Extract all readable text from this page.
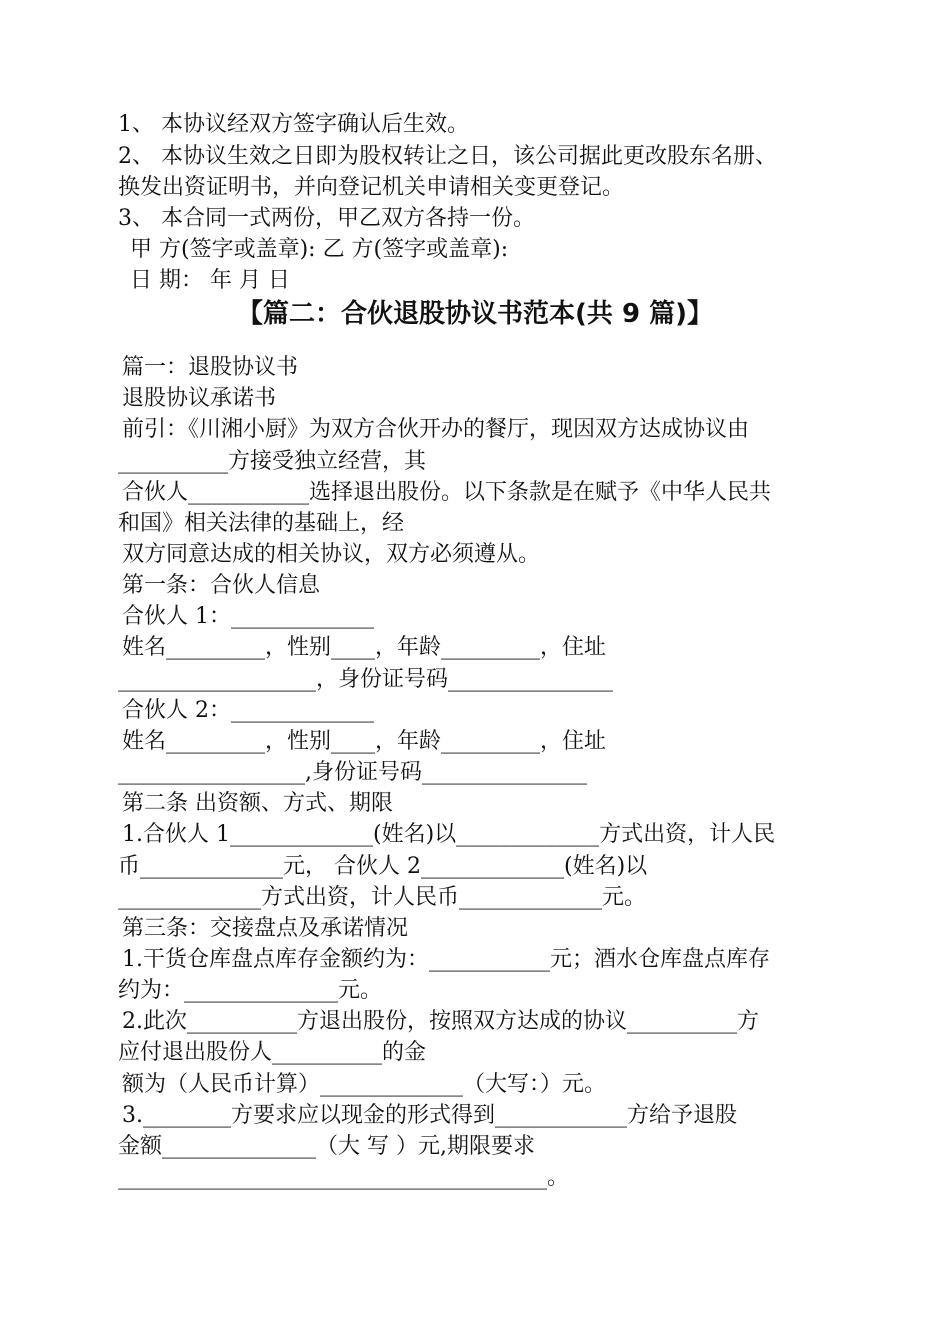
1、 本协议经双方签字确认后生效。
2、 本协议生效之日即为股权转让之日，该公司据此更改股东名册、
换发出资证明书，并向登记机关申请相关变更登记。
3、 本合同一式两份，甲乙双方各持一份。
甲 方(签字或盖章): 乙 方(签字或盖章):
日 期： 年 月 日
【篇二：合伙退股协议书范本(共 9 篇)】
篇一：退股协议书
退股协议承诺书
前引：《川湘小厨》为双方合伙开办的餐厅，现因双方达成协议由
__________方接受独立经营，其
合伙人___________选择退出股份。以下条款是在赋予《中华人民共
和国》相关法律的基础上，经
双方同意达成的相关协议，双方必须遵从。
第一条：合伙人信息
合伙人 1：_____________
姓名_________，性别____，年龄_________，住址
__________________，身份证号码_______________
合伙人 2：_____________
姓名_________，性别____，年龄_________，住址
_________________,身份证号码_______________
第二条 出资额、方式、期限
1.合伙人 1_____________(姓名)以_____________方式出资，计人民
币_____________元， 合伙人 2_____________(姓名)以
_____________方式出资，计人民币_____________元。
第三条：交接盘点及承诺情况
1.干货仓库盘点库存金额约为：___________元；酒水仓库盘点库存
约为：______________元。
2.此次__________方退出股份，按照双方达成的协议__________方
应付退出股份人__________的金
额为（人民币计算）_____________（大写：）元。
3.________方要求应以现金的形式得到____________方给予退股
金额______________（大 写 ）元,期限要求
_______________________________________。
